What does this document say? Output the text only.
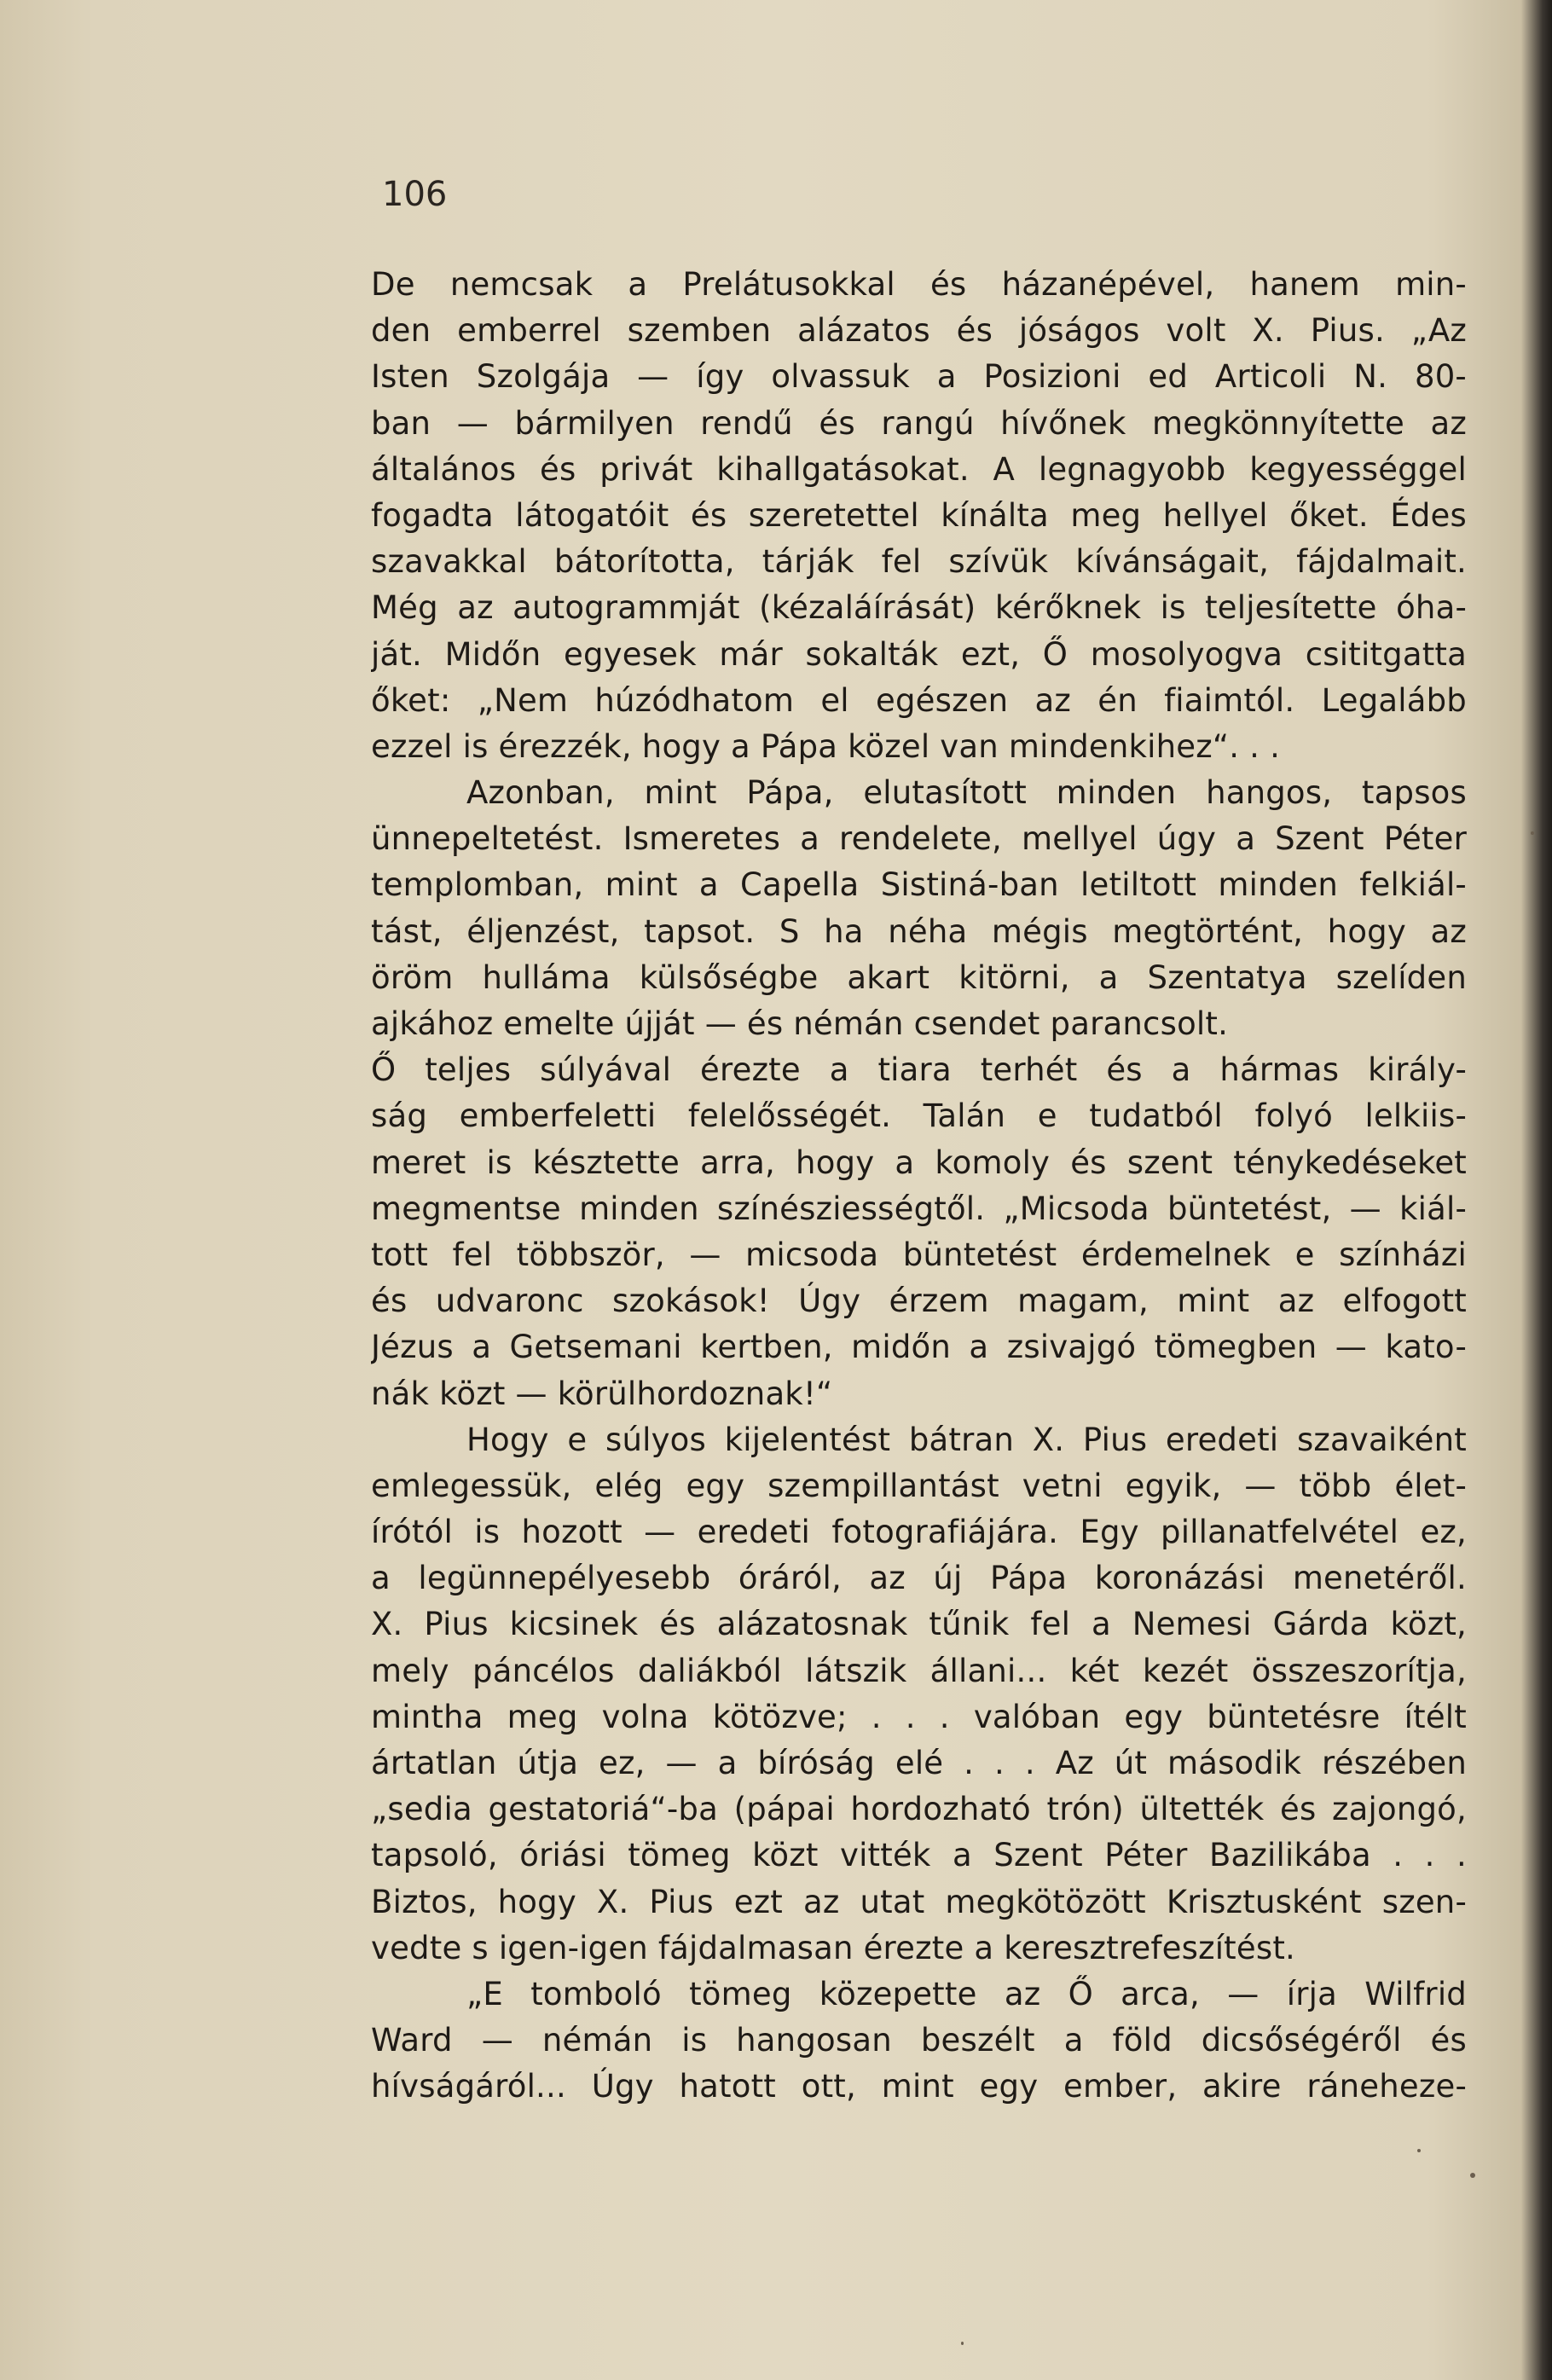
106
De nemcsak a Prelátusokkal és házanépével, hanem min-
den emberrel szemben alázatos és jóságos volt X. Pius. „Az
Isten Szolgája — így olvassuk a Posizioni ed Articoli N. 80-
ban — bármilyen rendű és rangú hívőnek megkönnyítette az
általános és privát kihallgatásokat. A legnagyobb kegyességgel
fogadta látogatóit és szeretettel kínálta meg hellyel őket. Édes
szavakkal bátorította, tárják fel szívük kívánságait, fájdalmait.
Még az autogrammját (kézaláírását) kérőknek is teljesítette óha-
ját. Midőn egyesek már sokalták ezt, Ő mosolyogva csititgatta
őket: „Nem húzódhatom el egészen az én fiaimtól. Legalább
ezzel is érezzék, hogy a Pápa közel van mindenkihez“. . .
Azonban, mint Pápa, elutasított minden hangos, tapsos
ünnepeltetést. Ismeretes a rendelete, mellyel úgy a Szent Péter
templomban, mint a Capella Sistiná-ban letiltott minden felkiál-
tást, éljenzést, tapsot. S ha néha mégis megtörtént, hogy az
öröm hulláma külsőségbe akart kitörni, a Szentatya szelíden
ajkához emelte újját — és némán csendet parancsolt.
Ő teljes súlyával érezte a tiara terhét és a hármas király-
ság emberfeletti felelősségét. Talán e tudatból folyó lelkiis-
meret is késztette arra, hogy a komoly és szent ténykedéseket
megmentse minden színésziességtől. „Micsoda büntetést, — kiál-
tott fel többször, — micsoda büntetést érdemelnek e színházi
és udvaronc szokások! Úgy érzem magam, mint az elfogott
Jézus a Getsemani kertben, midőn a zsivajgó tömegben — kato-
nák közt — körülhordoznak!“
Hogy e súlyos kijelentést bátran X. Pius eredeti szavaiként
emlegessük, elég egy szempillantást vetni egyik, — több élet-
írótól is hozott — eredeti fotografiájára. Egy pillanatfelvétel ez,
a legünnepélyesebb óráról, az új Pápa koronázási menetéről.
X. Pius kicsinek és alázatosnak tűnik fel a Nemesi Gárda közt,
mely páncélos daliákból látszik állani... két kezét összeszorítja,
mintha meg volna kötözve; . . . valóban egy büntetésre ítélt
ártatlan útja ez, — a bíróság elé . . . Az út második részében
„sedia gestatoriá“-ba (pápai hordozható trón) ültették és zajongó,
tapsoló, óriási tömeg közt vitték a Szent Péter Bazilikába . . .
Biztos, hogy X. Pius ezt az utat megkötözött Krisztusként szen-
vedte s igen-igen fájdalmasan érezte a keresztrefeszítést.
„E tomboló tömeg közepette az Ő arca, — írja Wilfrid
Ward — némán is hangosan beszélt a föld dicsőségéről és
hívságáról... Úgy hatott ott, mint egy ember, akire ráneheze-
